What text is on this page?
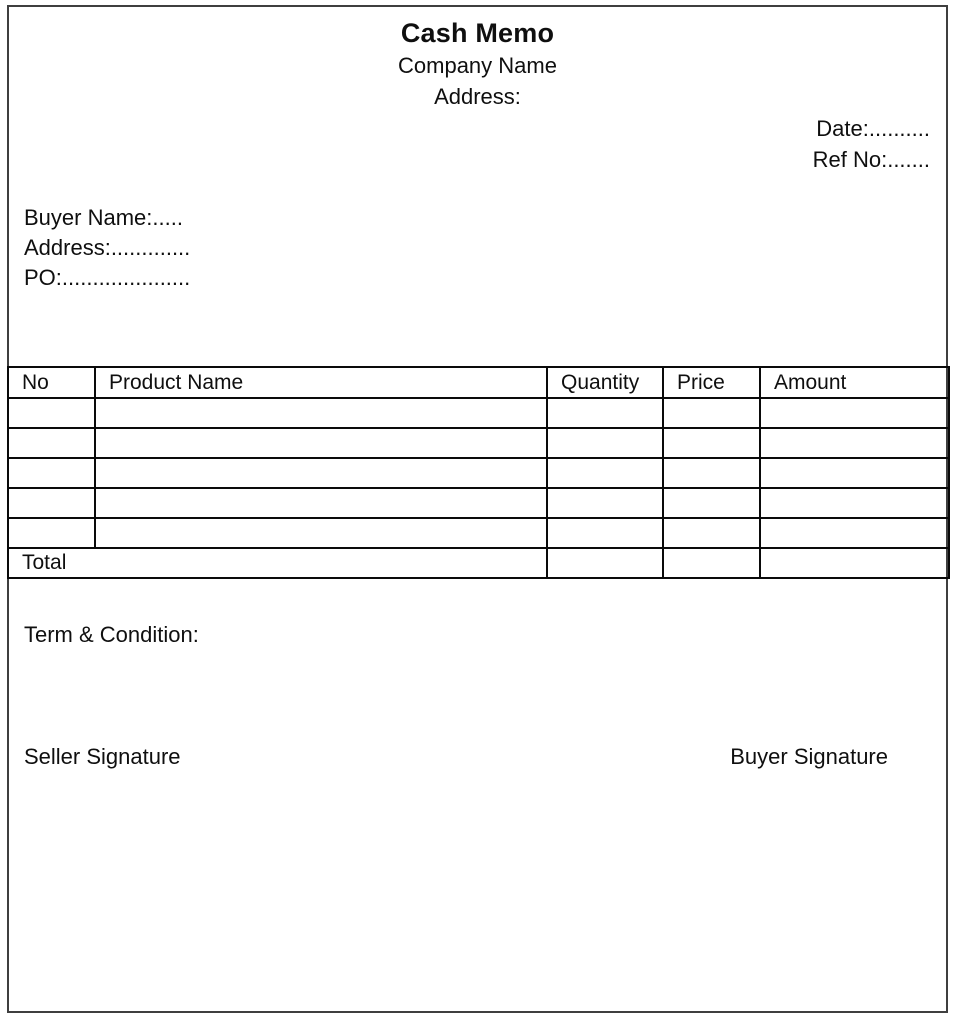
Cash Memo
Company Name
Address:
Date:..........
Ref No:.......
Buyer Name:.....
Address:.............
PO:.....................
No	Product Name	Quantity	Price	Amount

Total				
Term & Condition:
Seller Signature	Buyer Signature
